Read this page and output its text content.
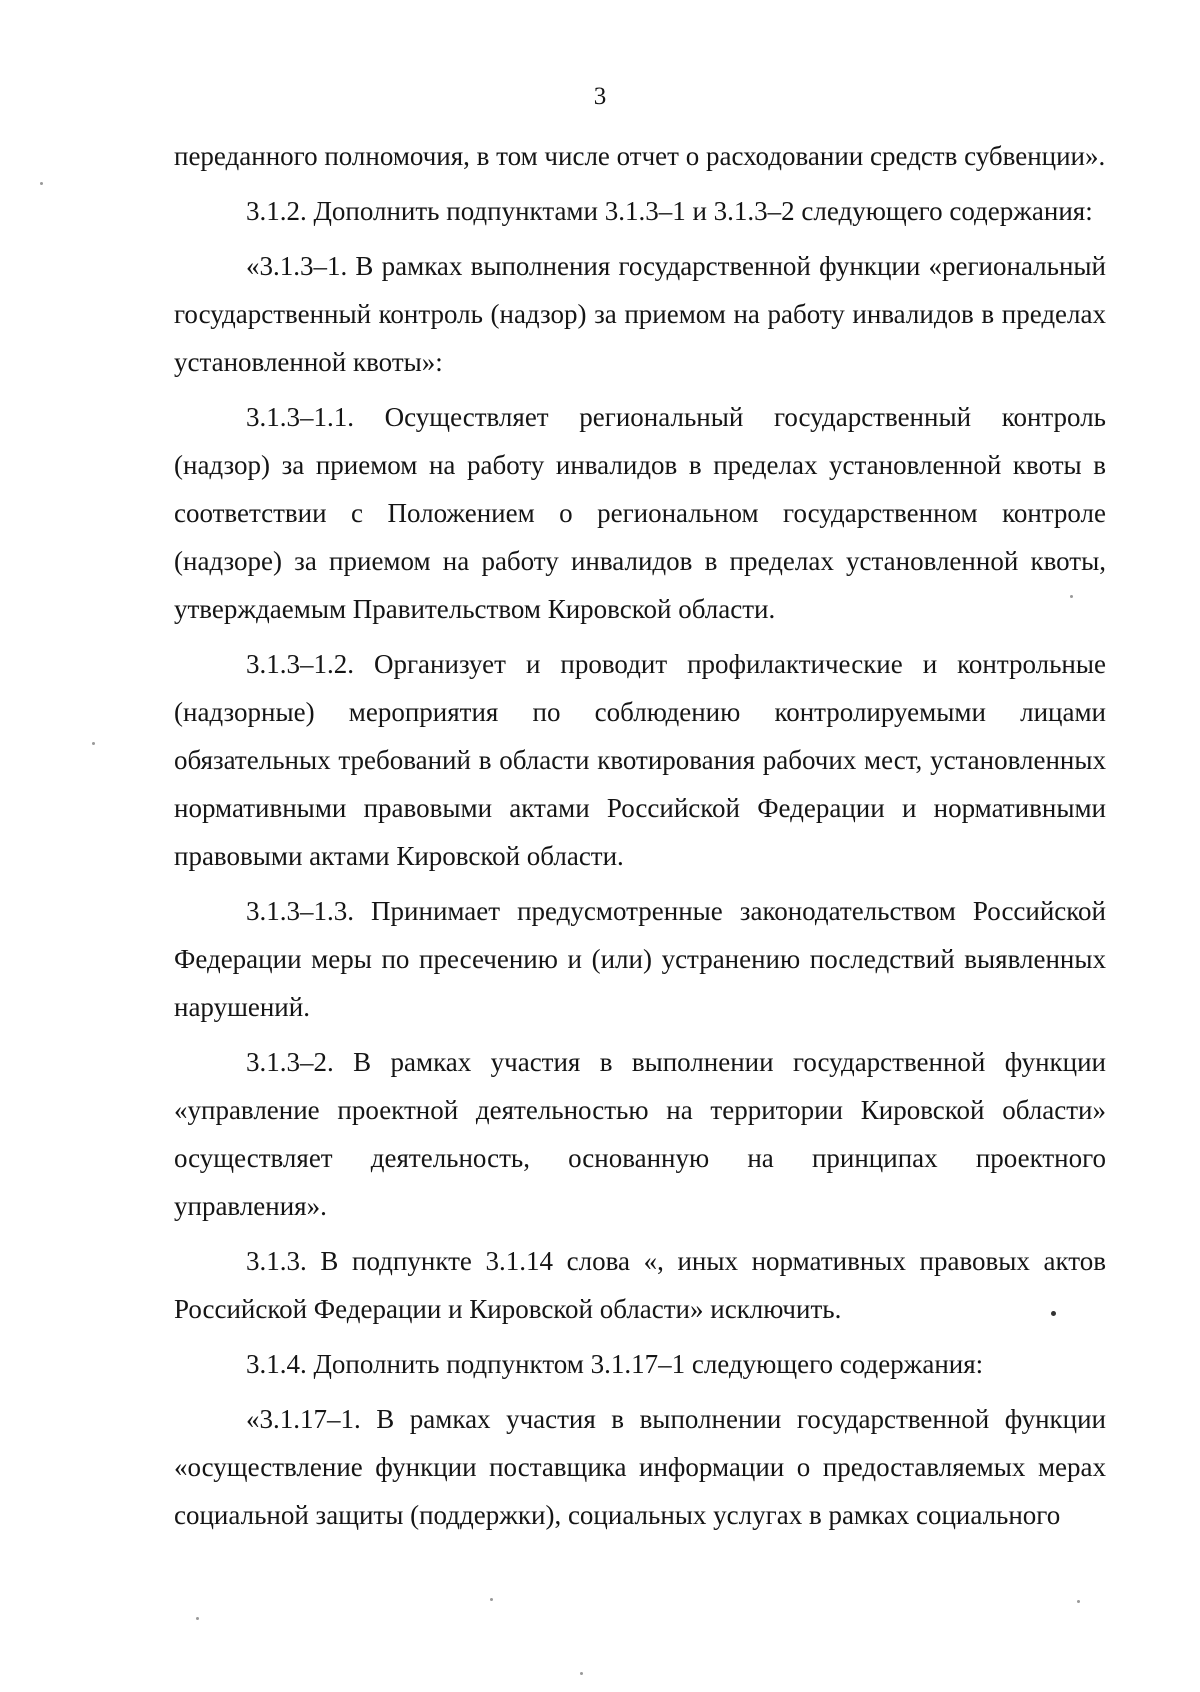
3

переданного полномочия, в том числе отчет о расходовании средств субвенции».

3.1.2. Дополнить подпунктами 3.1.3–1 и 3.1.3–2 следующего содержания:

«3.1.3–1. В рамках выполнения государственной функции «региональный государственный контроль (надзор) за приемом на работу инвалидов в пределах установленной квоты»:

3.1.3–1.1. Осуществляет региональный государственный контроль (надзор) за приемом на работу инвалидов в пределах установленной квоты в соответствии с Положением о региональном государственном контроле (надзоре) за приемом на работу инвалидов в пределах установленной квоты, утверждаемым Правительством Кировской области.

3.1.3–1.2. Организует и проводит профилактические и контрольные (надзорные) мероприятия по соблюдению контролируемыми лицами обязательных требований в области квотирования рабочих мест, установленных нормативными правовыми актами Российской Федерации и нормативными правовыми актами Кировской области.

3.1.3–1.3. Принимает предусмотренные законодательством Российской Федерации меры по пресечению и (или) устранению последствий выявленных нарушений.

3.1.3–2. В рамках участия в выполнении государственной функции «управление проектной деятельностью на территории Кировской области» осуществляет деятельность, основанную на принципах проектного управления».

3.1.3. В подпункте 3.1.14 слова «, иных нормативных правовых актов Российской Федерации и Кировской области» исключить.

3.1.4. Дополнить подпунктом 3.1.17–1 следующего содержания:

«3.1.17–1. В рамках участия в выполнении государственной функции «осуществление функции поставщика информации о предоставляемых мерах социальной защиты (поддержки), социальных услугах в рамках социального
